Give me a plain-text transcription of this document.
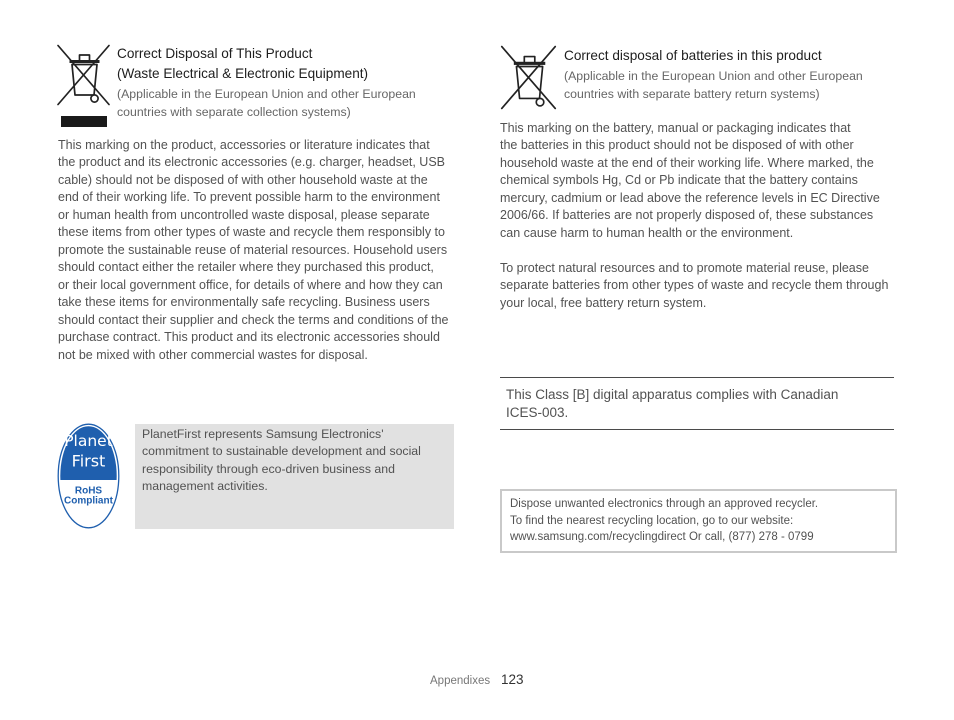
Correct Disposal of This Product
(Waste Electrical & Electronic Equipment)
(Applicable in the European Union and other European
countries with separate collection systems)
This marking on the product, accessories or literature indicates that
the product and its electronic accessories (e.g. charger, headset, USB
cable) should not be disposed of with other household waste at the
end of their working life. To prevent possible harm to the environment
or human health from uncontrolled waste disposal, please separate
these items from other types of waste and recycle them responsibly to
promote the sustainable reuse of material resources. Household users
should contact either the retailer where they purchased this product,
or their local government office, for details of where and how they can
take these items for environmentally safe recycling. Business users
should contact their supplier and check the terms and conditions of the
purchase contract. This product and its electronic accessories should
not be mixed with other commercial wastes for disposal.
Planet
First
RoHS
Compliant
PlanetFirst represents Samsung Electronics'
commitment to sustainable development and social
responsibility through eco-driven business and
management activities.
Correct disposal of batteries in this product
(Applicable in the European Union and other European
countries with separate battery return systems)
This marking on the battery, manual or packaging indicates that
the batteries in this product should not be disposed of with other
household waste at the end of their working life. Where marked, the
chemical symbols Hg, Cd or Pb indicate that the battery contains
mercury, cadmium or lead above the reference levels in EC Directive
2006/66. If batteries are not properly disposed of, these substances
can cause harm to human health or the environment.
To protect natural resources and to promote material reuse, please
separate batteries from other types of waste and recycle them through
your local, free battery return system.
This Class [B] digital apparatus complies with Canadian
ICES-003.
Dispose unwanted electronics through an approved recycler.
To find the nearest recycling location, go to our website:
www.samsung.com/recyclingdirect Or call, (877) 278 - 0799
Appendixes 123
